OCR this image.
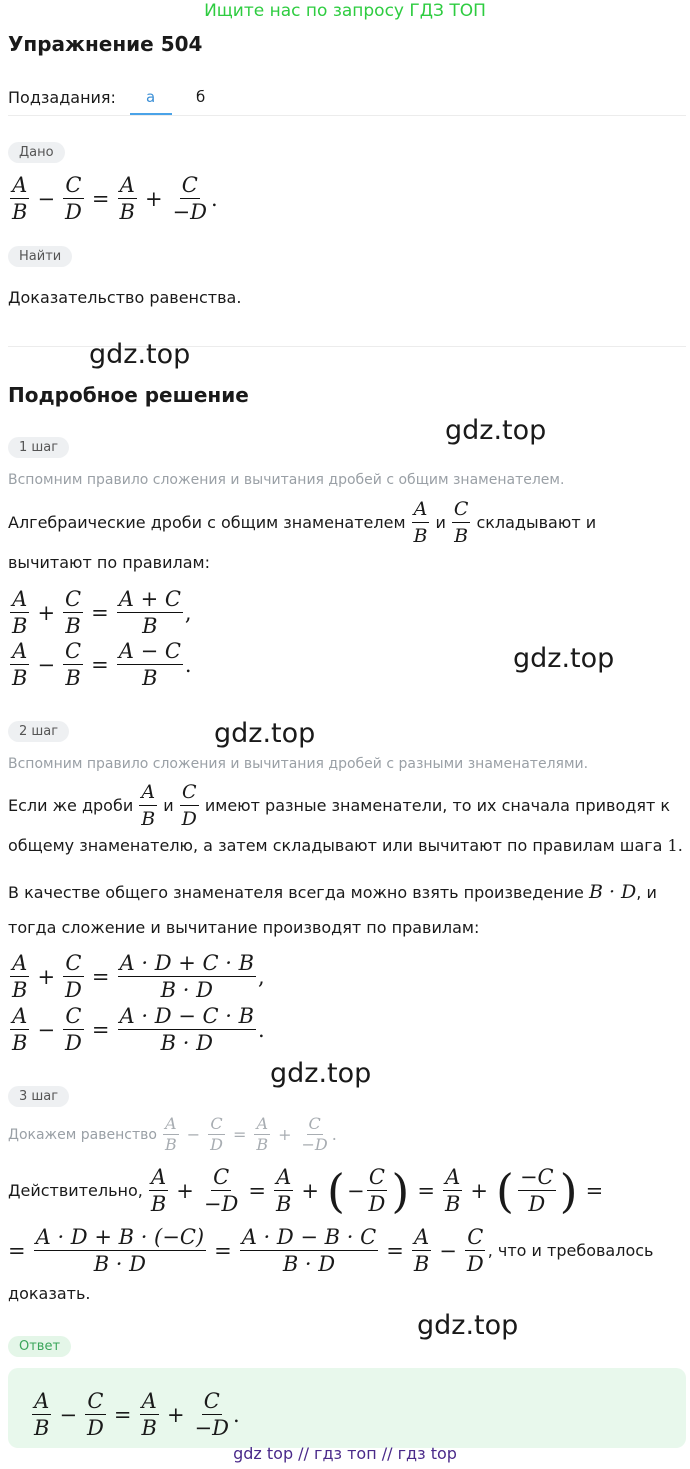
Ищите нас по запросу ГДЗ ТОП
Упражнение 504
Подзадания: а	б
Дано
$\frac{A}{B} - \frac{C}{D} = \frac{A}{B} + \frac{C}{-D}$ .
Найти
Доказательство равенства.
gdz.top
Подробное решение
gdz.top
1 шаг
Вспомним правило сложения и вычитания дробей с общим знаменателем.
Алгебраические дроби с общим знаменателем $\frac{A}{B}$ и $\frac{C}{B}$ складывают и
вычитают по правилам:
$\frac{A}{B} + \frac{C}{B} = \frac{A + C}{B}$ ,
$\frac{A}{B} - \frac{C}{B} = \frac{A - C}{B}$ .	gdz.top
2 шаг	gdz.top
Вспомним правило сложения и вычитания дробей с разными знаменателями.
Если же дроби $\frac{A}{B}$ и $\frac{C}{D}$ имеют разные знаменатели, то их сначала приводят к
общему знаменателю, а затем складывают или вычитают по правилам шага 1.
В качестве общего знаменателя всегда можно взять произведение B · D, и
тогда сложение и вычитание производят по правилам:
$\frac{A}{B} + \frac{C}{D} = \frac{A \cdot D + C \cdot B}{B \cdot D}$ ,
$\frac{A}{B} - \frac{C}{D} = \frac{A \cdot D - C \cdot B}{B \cdot D}$ .
gdz.top
3 шаг
Докажем равенство $\frac{A}{B} - \frac{C}{D} = \frac{A}{B} + \frac{C}{-D}$ .
Действительно, $\frac{A}{B} + \frac{C}{-D} = \frac{A}{B}$ + ( − $\frac{C}{D}$ ) = $\frac{A}{B}$ + ( $\frac{-C}{D}$ ) =
= $\frac{A \cdot D + B \cdot (-C)}{B \cdot D} = \frac{A \cdot D - B \cdot C}{B \cdot D} = \frac{A}{B} - \frac{C}{D}$ , что и требовалось
доказать.
gdz.top
Ответ
$\frac{A}{B} - \frac{C}{D} = \frac{A}{B} + \frac{C}{-D}$ .
gdz top // гдз топ // гдз top
